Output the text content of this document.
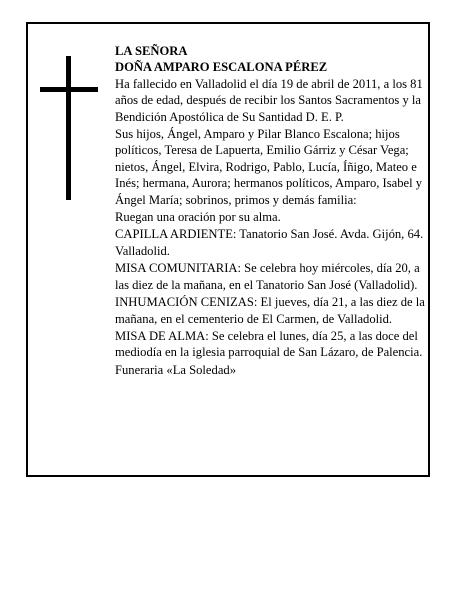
LA SEÑORA

DOÑA AMPARO ESCALONA PÉREZ

Ha fallecido en Valladolid el día 19 de abril de 2011, a los 81 años de edad, después de recibir los Santos Sacramentos y la Bendición Apostólica de Su Santidad D. E. P.

Sus hijos, Ángel, Amparo y Pilar Blanco Escalona; hijos políticos, Teresa de Lapuerta, Emilio Gárriz y César Vega; nietos, Ángel, Elvira, Rodrigo, Pablo, Lucía, Íñigo, Mateo e Inés; hermana, Aurora; hermanos políticos, Amparo, Isabel y Ángel María; sobrinos, primos y demás familia:

Ruegan una oración por su alma.

CAPILLA ARDIENTE: Tanatorio San José. Avda. Gijón, 64. Valladolid.

MISA COMUNITARIA: Se celebra hoy miércoles, día 20, a las diez de la mañana, en el Tanatorio San José (Valladolid).

INHUMACIÓN CENIZAS: El jueves, día 21, a las diez de la mañana, en el cementerio de El Carmen, de Valladolid.

MISA DE ALMA: Se celebra el lunes, día 25, a las doce del mediodía en la iglesia parroquial de San Lázaro, de Palencia.

Funeraria «La Soledad»
